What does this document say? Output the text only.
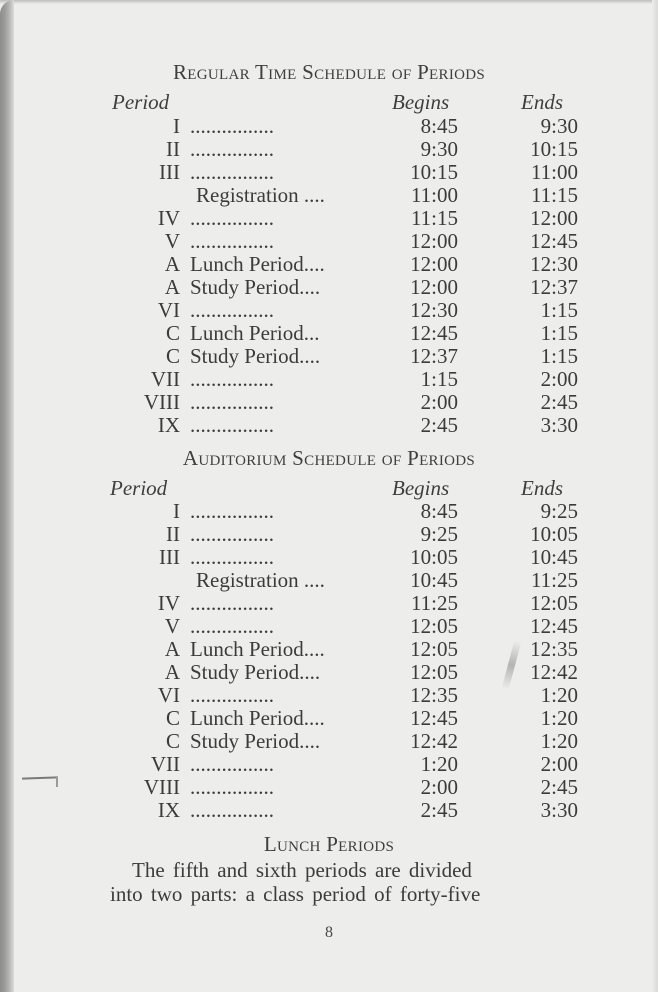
Regular Time Schedule of Periods
Period	Begins	Ends
I ................	8:45	9:30
II ................	9:30	10:15
III ................	10:15	11:00
Registration ....	11:00	11:15
IV ................	11:15	12:00
V ................	12:00	12:45
A Lunch Period....	12:00	12:30
A Study Period....	12:00	12:37
VI ................	12:30	1:15
C Lunch Period...	12:45	1:15
C Study Period....	12:37	1:15
VII ................	1:15	2:00
VIII ................	2:00	2:45
IX ................	2:45	3:30
Auditorium Schedule of Periods
Period	Begins	Ends
I ................	8:45	9:25
II ................	9:25	10:05
III ................	10:05	10:45
Registration ....	10:45	11:25
IV ................	11:25	12:05
V ................	12:05	12:45
A Lunch Period....	12:05	12:35
A Study Period....	12:05	12:42
VI ................	12:35	1:20
C Lunch Period....	12:45	1:20
C Study Period....	12:42	1:20
VII ................	1:20	2:00
VIII ................	2:00	2:45
IX ................	2:45	3:30
Lunch Periods
The fifth and sixth periods are divided
into two parts: a class period of forty-five
8
